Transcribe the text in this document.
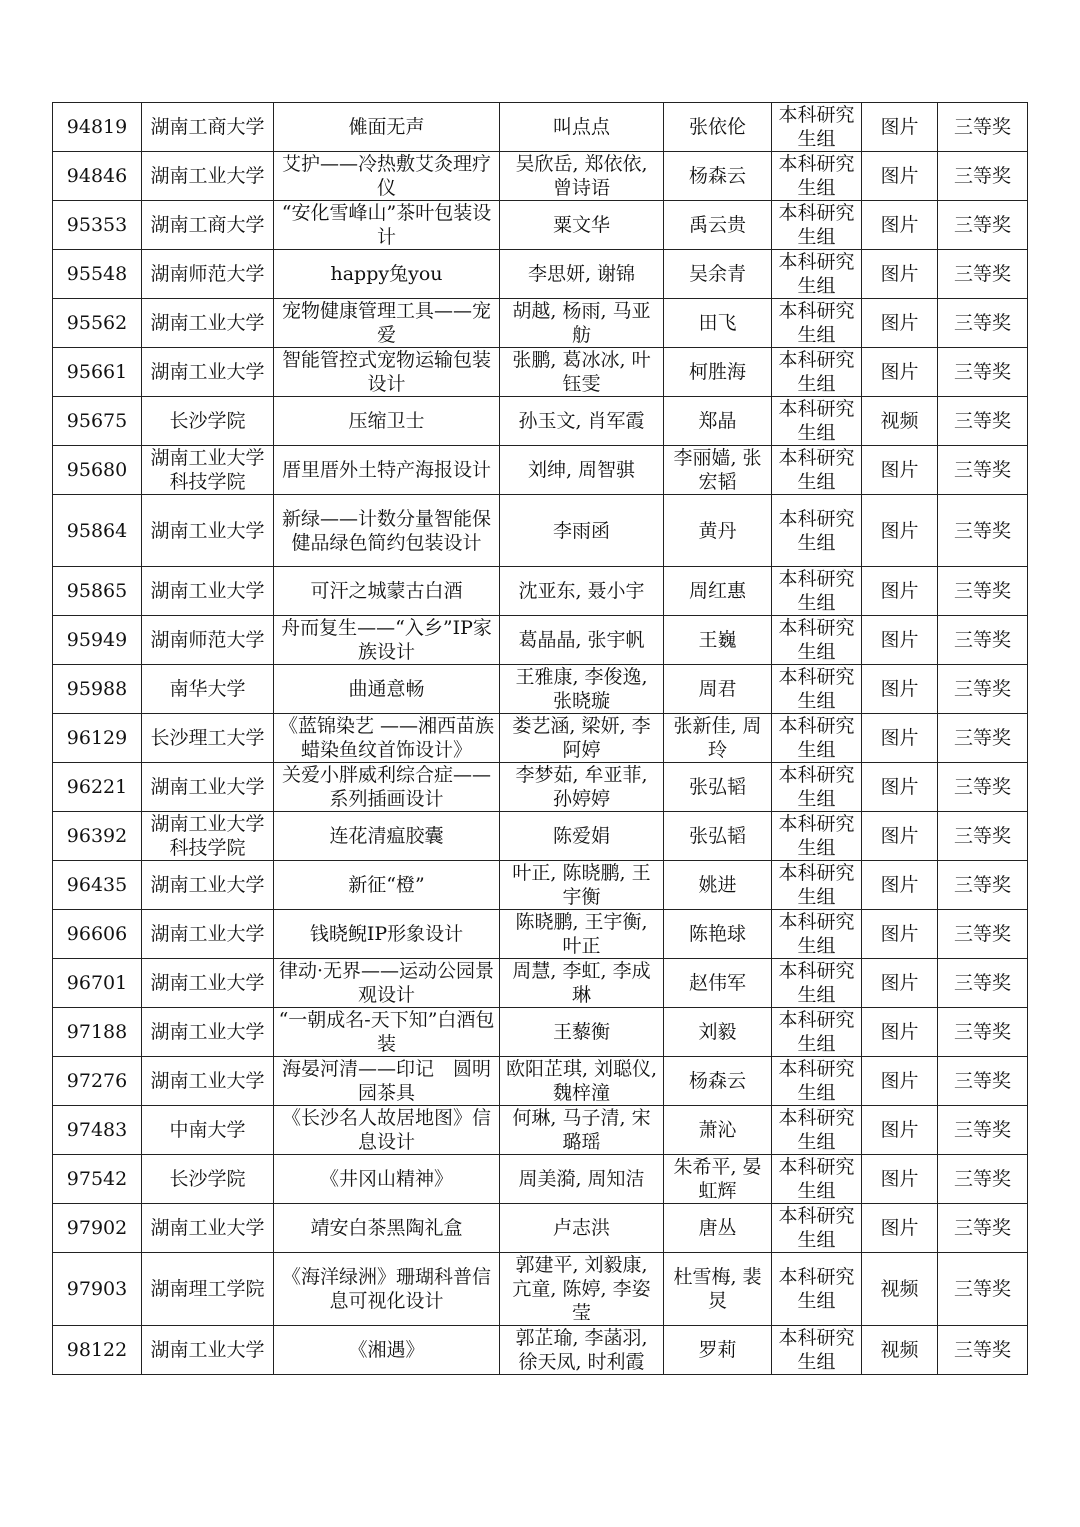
94819	湖南工商大学	傩面无声	叫点点	张依伦	本科研究生组	图片	三等奖
94846	湖南工业大学	艾护——冷热敷艾灸理疗仪	吴欣岳, 郑依依, 曾诗语	杨森云	本科研究生组	图片	三等奖
95353	湖南工商大学	“安化雪峰山”茶叶包装设计	粟文华	禹云贵	本科研究生组	图片	三等奖
95548	湖南师范大学	happy兔you	李思妍, 谢锦	吴余青	本科研究生组	图片	三等奖
95562	湖南工业大学	宠物健康管理工具——宠爱	胡越, 杨雨, 马亚舫	田飞	本科研究生组	图片	三等奖
95661	湖南工业大学	智能管控式宠物运输包装设计	张鹏, 葛冰冰, 叶钰雯	柯胜海	本科研究生组	图片	三等奖
95675	长沙学院	压缩卫士	孙玉文, 肖军霞	郑晶	本科研究生组	视频	三等奖
95680	湖南工业大学科技学院	厝里厝外土特产海报设计	刘绅, 周智骐	李丽嫱, 张宏韬	本科研究生组	图片	三等奖
95864	湖南工业大学	新绿——计数分量智能保健品绿色简约包装设计	李雨函	黄丹	本科研究生组	图片	三等奖
95865	湖南工业大学	可汗之城蒙古白酒	沈亚东, 聂小宇	周红惠	本科研究生组	图片	三等奖
95949	湖南师范大学	舟而复生——“入乡”IP家族设计	葛晶晶, 张宇帆	王巍	本科研究生组	图片	三等奖
95988	南华大学	曲通意畅	王雅康, 李俊逸, 张晓璇	周君	本科研究生组	图片	三等奖
96129	长沙理工大学	《蓝锦染艺 ——湘西苗族蜡染鱼纹首饰设计》	娄艺涵, 梁妍, 李阿婷	张新佳, 周玲	本科研究生组	图片	三等奖
96221	湖南工业大学	关爱小胖威利综合症——系列插画设计	李梦茹, 牟亚菲, 孙婷婷	张弘韬	本科研究生组	图片	三等奖
96392	湖南工业大学科技学院	连花清瘟胶囊	陈爱娟	张弘韬	本科研究生组	图片	三等奖
96435	湖南工业大学	新征“橙”	叶正, 陈晓鹏, 王宇衡	姚进	本科研究生组	图片	三等奖
96606	湖南工业大学	钱晓鲵IP形象设计	陈晓鹏, 王宇衡, 叶正	陈艳球	本科研究生组	图片	三等奖
96701	湖南工业大学	律动·无界——运动公园景观设计	周慧, 李虹, 李成琳	赵伟军	本科研究生组	图片	三等奖
97188	湖南工业大学	“一朝成名-天下知”白酒包装	王藜衡	刘毅	本科研究生组	图片	三等奖
97276	湖南工业大学	海晏河清——印记　圆明园茶具	欧阳芷琪, 刘聪仪, 魏梓潼	杨森云	本科研究生组	图片	三等奖
97483	中南大学	《长沙名人故居地图》信息设计	何琳, 马子清, 宋璐瑶	萧沁	本科研究生组	图片	三等奖
97542	长沙学院	《井冈山精神》	周美漪, 周知洁	朱希平, 晏虹辉	本科研究生组	图片	三等奖
97902	湖南工业大学	靖安白茶黑陶礼盒	卢志洪	唐丛	本科研究生组	图片	三等奖
97903	湖南理工学院	《海洋绿洲》珊瑚科普信息可视化设计	郭建平, 刘毅康, 亢童, 陈婷, 李姿莹	杜雪梅, 裴炅	本科研究生组	视频	三等奖
98122	湖南工业大学	《湘遇》	郭芷瑜, 李菡羽, 徐天凤, 时利霞	罗莉	本科研究生组	视频	三等奖
